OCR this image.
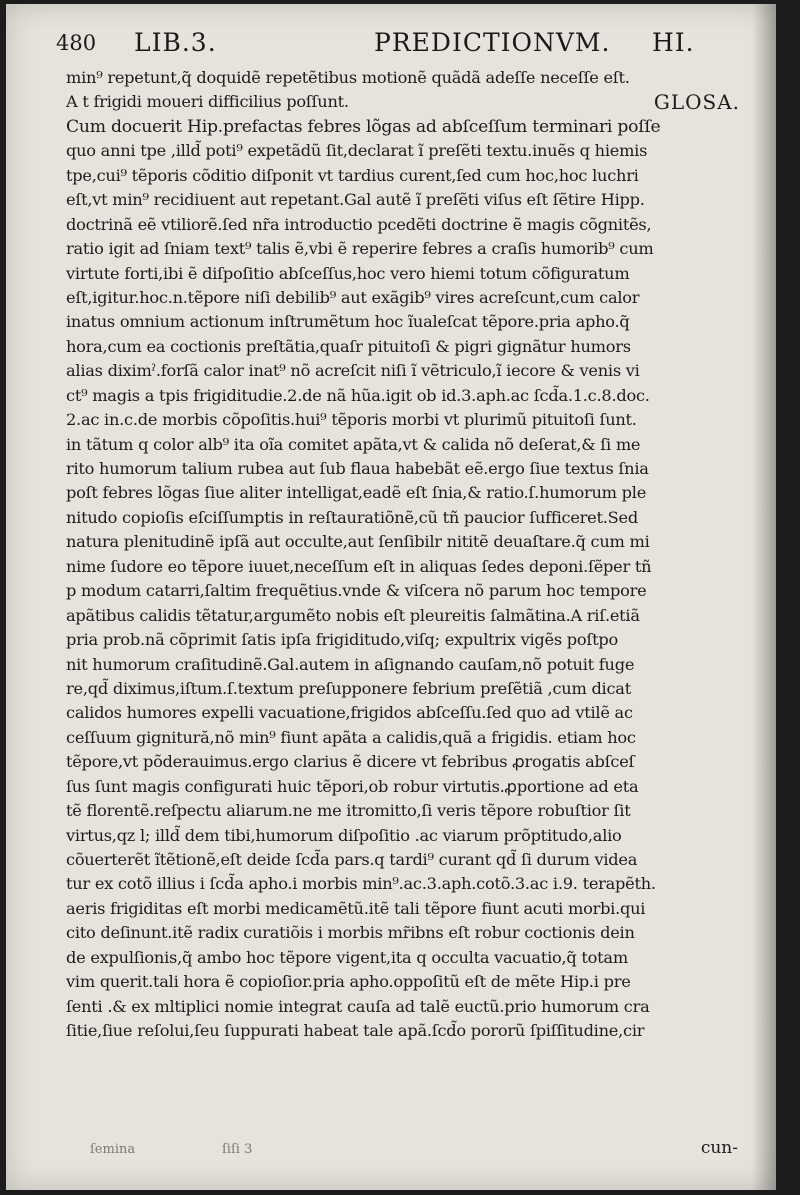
480 LIB.3.	PREDICTIONVM. HI.
min⁹ repetunt,q̃ doquidẽ repetẽtibus motionẽ quãdã adeſſe neceſſe eſt.
A t frigidi moueri difficilius poſſunt.	GLOSA.
Cum docuerit Hip.prefactas febres lõgas ad abſceſſum terminari poſſe
quo anni tpe ,illd̃ poti⁹ expetãdũ ſit,declarat ĩ preſẽti textu.inuẽs q hiemis
tpe,cui⁹ tẽporis cõditio diſponit vt tardius curent,ſed cum hoc,hoc luchri
eſt,vt min⁹ recidiuent aut repetant.Gal autẽ ĩ preſẽti viſus eſt ſẽtire Hipp.
doctrinã eẽ vtiliorẽ.ſed nr̃a introductio pcedẽti doctrine ẽ magis cõgnitẽs,
ratio igit ad ſniam text⁹ talis ẽ,vbi ẽ reperire febres a craſis humorib⁹ cum
virtute forti,ibi ẽ diſpoſitio abſceſſus,hoc vero hiemi totum cõfiguratum
eſt,igitur.hoc.n.tẽpore niſi debilib⁹ aut exãgib⁹ vires acreſcunt,cum calor
inatus omnium actionum inſtrumẽtum hoc ĩualeſcat tẽpore.pria apho.q̃
hora,cum ea coctionis preſtãtia,quaſr pituitoſi & pigri gignãtur humors
alias diximˀ.forſã calor inat⁹ nõ acreſcit niſi ĩ vẽtriculo,ĩ iecore & venis vi
ct⁹ magis a tpis frigiditudie.2.de nã hũa.igit ob id.3.aph.ac ſcd̃a.1.c.8.doc.
2.ac in.c.de morbis cõpoſitis.hui⁹ tẽporis morbi vt plurimũ pituitoſi ſunt.
in tãtum q color alb⁹ ita oĩa comitet apãta,vt & calida nõ deſerat,& ſi me
rito humorum talium rubea aut ſub flaua habebãt eẽ.ergo ſiue textus ſnia
poſt febres lõgas ſiue aliter intelligat,eadẽ eſt ſnia,& ratio.ſ.humorum ple
nitudo copioſis eſciſſumptis in reſtauratiõnẽ,cũ tñ paucior ſufficeret.Sed
natura plenitudinẽ ipſã aut occulte,aut ſenſibilr nititẽ deuaſtare.q̃ cum mi
nime ſudore eo tẽpore iuuet,neceſſum eſt in aliquas ſedes deponi.ſẽper tñ
p modum catarri,ſaltim frequẽtius.vnde & viſcera nõ parum hoc tempore
apãtibus calidis tẽtatur,argumẽto nobis eſt pleureitis ſalmãtina.A riſ.etiã
pria prob.nã cõprimit ſatis ipſa frigiditudo,viſq; expultrix vigẽs poſtpo
nit humorum craſitudinẽ.Gal.autem in aſignando cauſam,nõ potuit fuge
re,qd̃ diximus,iſtum.ſ.textum preſupponere febrium preſẽtiã ,cum dicat
calidos humores expelli vacuatione,frigidos abſceſſu.ſed quo ad vtilẽ ac
ceſſuum gignitură,nõ min⁹ fiunt apãta a calidis,quã a frigidis. etiam hoc
tẽpore,vt põderauimus.ergo clarius ẽ dicere vt febribus ꝓrogatis abſceſ
ſus ſunt magis configurati huic tẽpori,ob robur virtutis.ꝓportione ad eta
tẽ florentẽ.reſpectu aliarum.ne me itromitto,ſi veris tẽpore robuſtior ſit
virtus,qz l; illd̃ dem tibi,humorum diſpoſitio .ac viarum prõptitudo,alio
cõuerterẽt ĩtẽtionẽ,eſt deide ſcd̃a pars.q tardi⁹ curant qd̃ ſi durum videa
tur ex cotõ illius i ſcd̃a apho.i morbis min⁹.ac.3.aph.cotõ.3.ac i.9. terapẽth.
aeris frigiditas eſt morbi medicamẽtũ.itẽ tali tẽpore fiunt acuti morbi.qui
cito deſinunt.itẽ radix curatiõis i morbis mr̃ibns eſt robur coctionis dein
de expulſionis,q̃ ambo hoc tẽpore vigent,ita q occulta vacuatio,q̃ totam
vim querit.tali hora ẽ copioſior.pria apho.oppoſitũ eſt de mẽte Hip.i pre
ſenti .& ex mltiplici nomie integrat cauſa ad talẽ euctũ.prio humorum cra
ſitie,ſiue reſolui,ſeu ſuppurati habeat tale apã.ſcd̃o pororũ ſpiſſitudine,cir
ſemina	ſiſi 3	cun-
